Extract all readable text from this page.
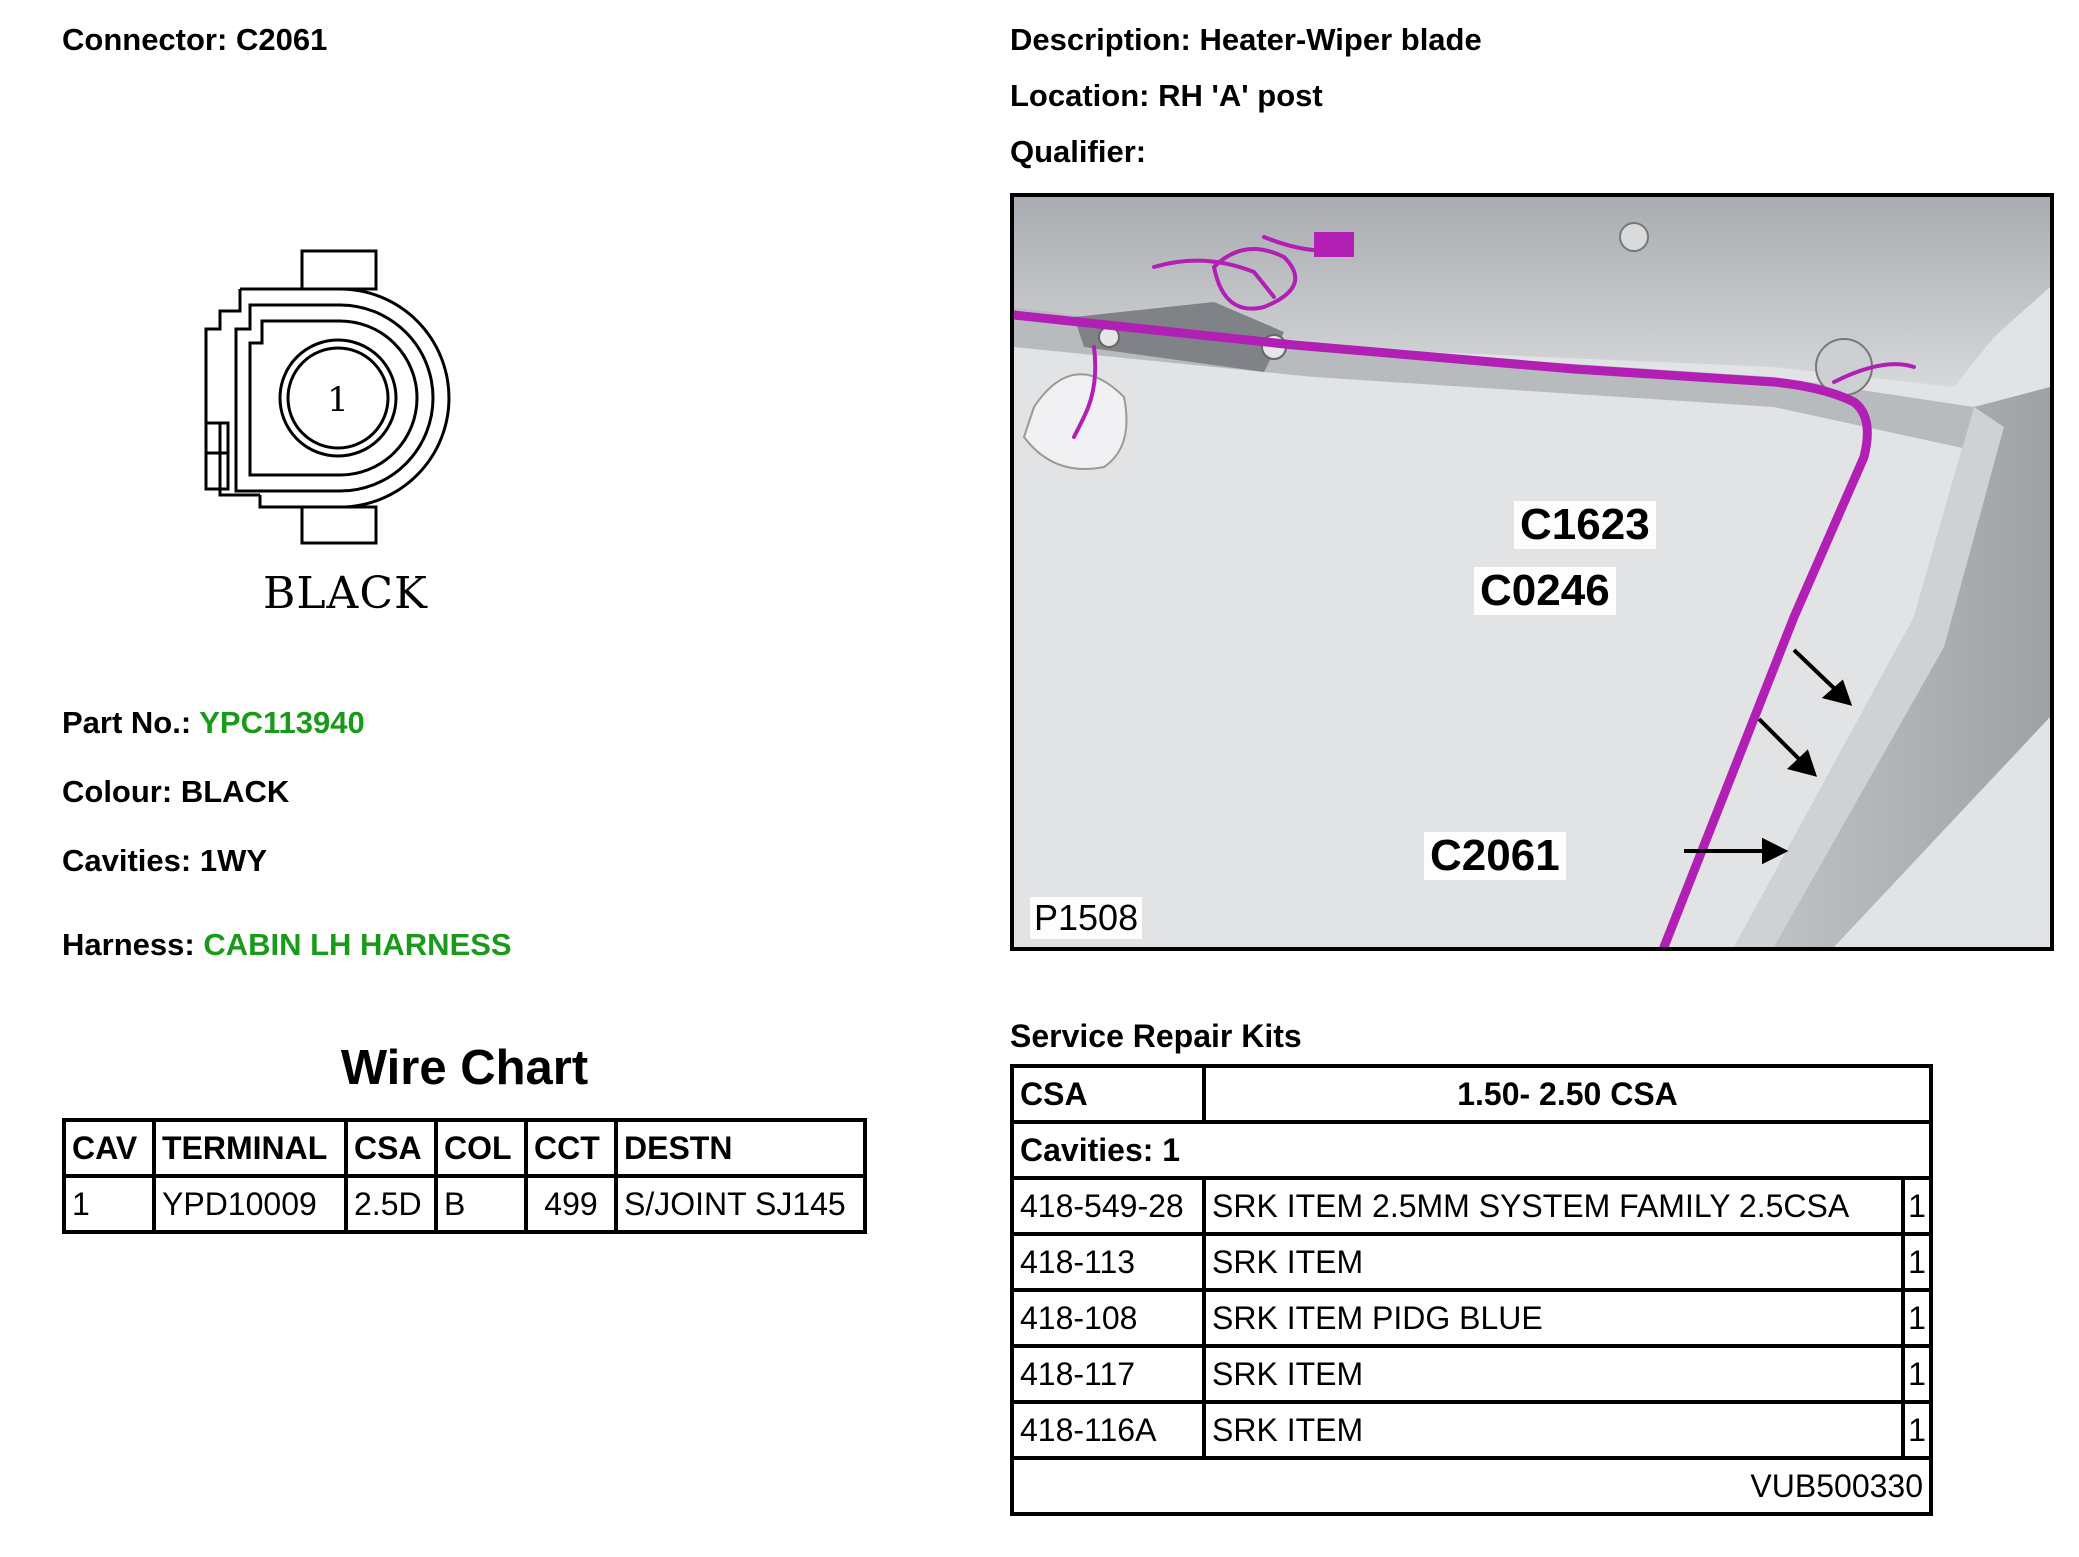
Connector: C2061	Description: Heater-Wiper blade
Location: RH 'A' post
Qualifier:
1
BLACK
Part No.: YPC113940
Colour: BLACK
Cavities: 1WY
Harness: CABIN LH HARNESS
Wire Chart
CAV	TERMINAL	CSA	COL	CCT	DESTN
1	YPD10009	2.5D	B	499	S/JOINT SJ145
C1623
C0246
C2061
P1508
Service Repair Kits
CSA	1.50- 2.50 CSA	
Cavities: 1		
418-549-28	SRK ITEM 2.5MM SYSTEM FAMILY 2.5CSA	1
418-113	SRK ITEM	1
418-108	SRK ITEM PIDG BLUE	1
418-117	SRK ITEM	1
418-116A	SRK ITEM	1
VUB500330		
